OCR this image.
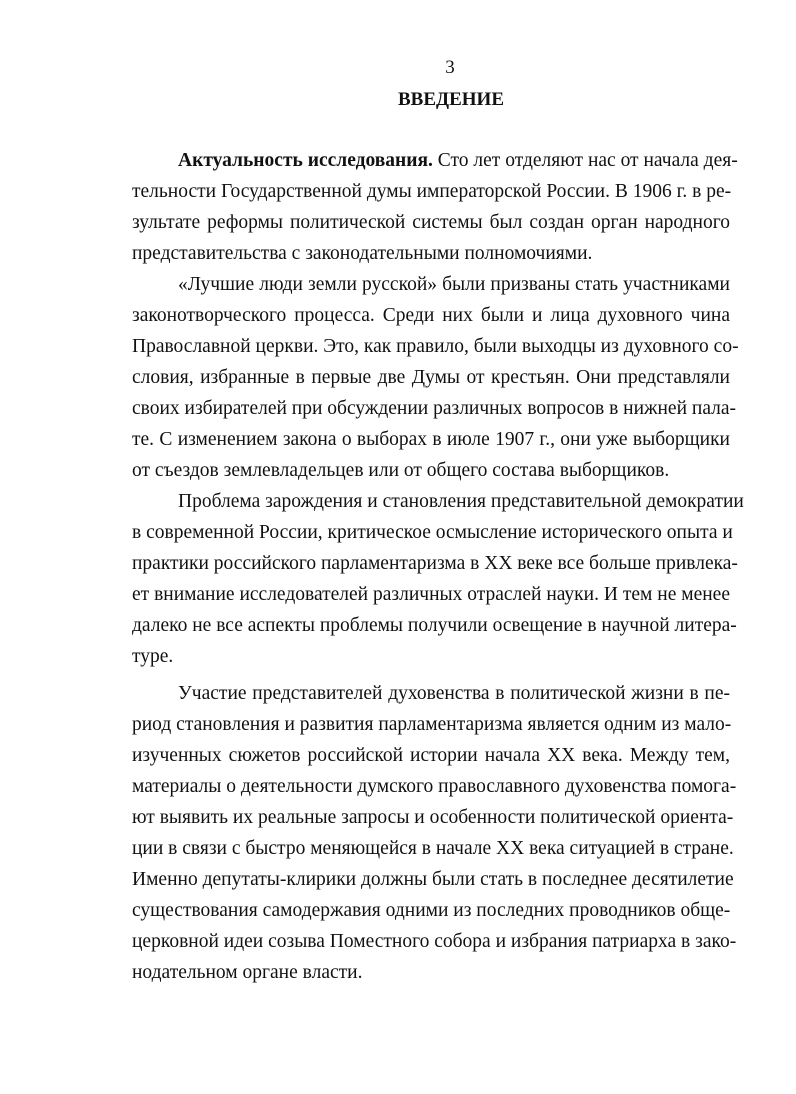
3
ВВЕДЕНИЕ
Актуальность исследования. Сто лет отделяют нас от начала дея-
тельности Государственной думы императорской России. В 1906 г. в ре-
зультате реформы политической системы был создан орган народного
представительства с законодательными полномочиями.
«Лучшие люди земли русской» были призваны стать участниками
законотворческого процесса. Среди них были и лица духовного чина
Православной церкви. Это, как правило, были выходцы из духовного со-
словия, избранные в первые две Думы от крестьян. Они представляли
своих избирателей при обсуждении различных вопросов в нижней пала-
те. С изменением закона о выборах в июле 1907 г., они уже выборщики
от съездов землевладельцев или от общего состава выборщиков.
Проблема зарождения и становления представительной демократии
в современной России, критическое осмысление исторического опыта и
практики российского парламентаризма в XX веке все больше привлека-
ет внимание исследователей различных отраслей науки. И тем не менее
далеко не все аспекты проблемы получили освещение в научной литера-
туре.
Участие представителей духовенства в политической жизни в пе-
риод становления и развития парламентаризма является одним из мало-
изученных сюжетов российской истории начала XX века. Между тем,
материалы о деятельности думского православного духовенства помога-
ют выявить их реальные запросы и особенности политической ориента-
ции в связи с быстро меняющейся в начале XX века ситуацией в стране.
Именно депутаты-клирики должны были стать в последнее десятилетие
существования самодержавия одними из последних проводников обще-
церковной идеи созыва Поместного собора и избрания патриарха в зако-
нодательном органе власти.
